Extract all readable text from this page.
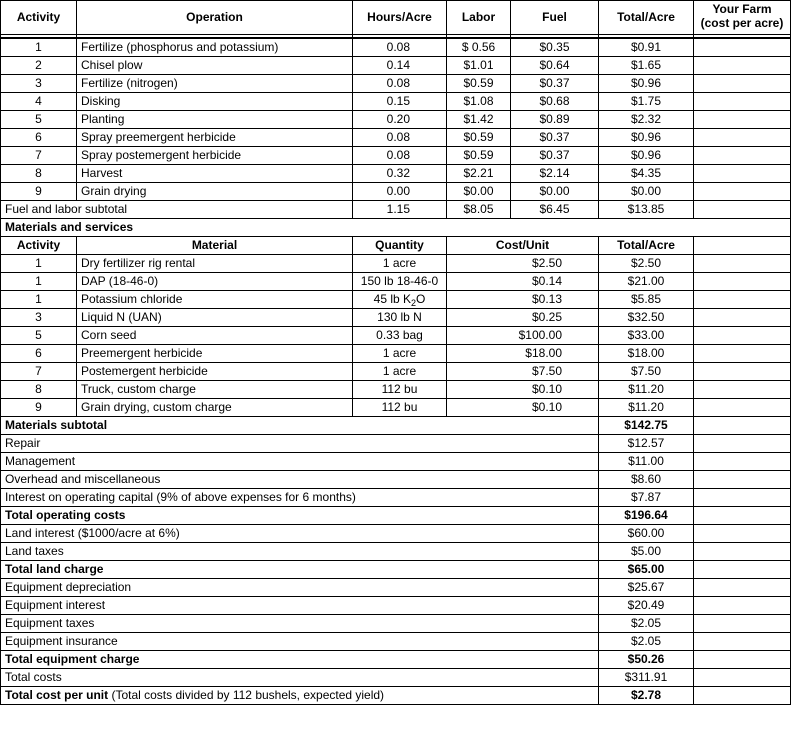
Activity	Operation	Hours/Acre	Labor	Fuel	Total/Acre	Your Farm
(cost per acre)

1	Fertilize (phosphorus and potassium)	0.08	$ 0.56	$0.35	$0.91	
2	Chisel plow	0.14	$1.01	$0.64	$1.65	
3	Fertilize (nitrogen)	0.08	$0.59	$0.37	$0.96	
4	Disking	0.15	$1.08	$0.68	$1.75	
5	Planting	0.20	$1.42	$0.89	$2.32	
6	Spray preemergent herbicide	0.08	$0.59	$0.37	$0.96	
7	Spray postemergent herbicide	0.08	$0.59	$0.37	$0.96	
8	Harvest	0.32	$2.21	$2.14	$4.35	
9	Grain drying	0.00	$0.00	$0.00	$0.00	
Fuel and labor subtotal		1.15	$8.05	$6.45	$13.85	
Materials and services						
Activity	Material	Quantity	Cost/Unit		Total/Acre	
1	Dry fertilizer rig rental	1 acre	$2.50		$2.50	
1	DAP (18-46-0)	150 lb 18-46-0	$0.14		$21.00	
1	Potassium chloride	45 lb $K_2O$	$0.13		$5.85	
3	Liquid N (UAN)	130 lb N	$0.25		$32.50	
5	Corn seed	0.33 bag	$100.00		$33.00	
6	Preemergent herbicide	1 acre	$18.00		$18.00	
7	Postemergent herbicide	1 acre	$7.50		$7.50	
8	Truck, custom charge	112 bu	$0.10		$11.20	
9	Grain drying, custom charge	112 bu	$0.10		$11.20	
Materials subtotal					$142.75	
Repair					$12.57	
Management					$11.00	
Overhead and miscellaneous					$8.60	
Interest on operating capital (9% of above expenses for 6 months)					$7.87	
Total operating costs					$196.64	
Land interest ($1000/acre at 6%)					$60.00	
Land taxes					$5.00	
Total land charge					$65.00	
Equipment depreciation					$25.67	
Equipment interest					$20.49	
Equipment taxes					$2.05	
Equipment insurance					$2.05	
Total equipment charge					$50.26	
Total costs					$311.91	
Total cost per unit (Total costs divided by 112 bushels, expected yield)					$2.78	
